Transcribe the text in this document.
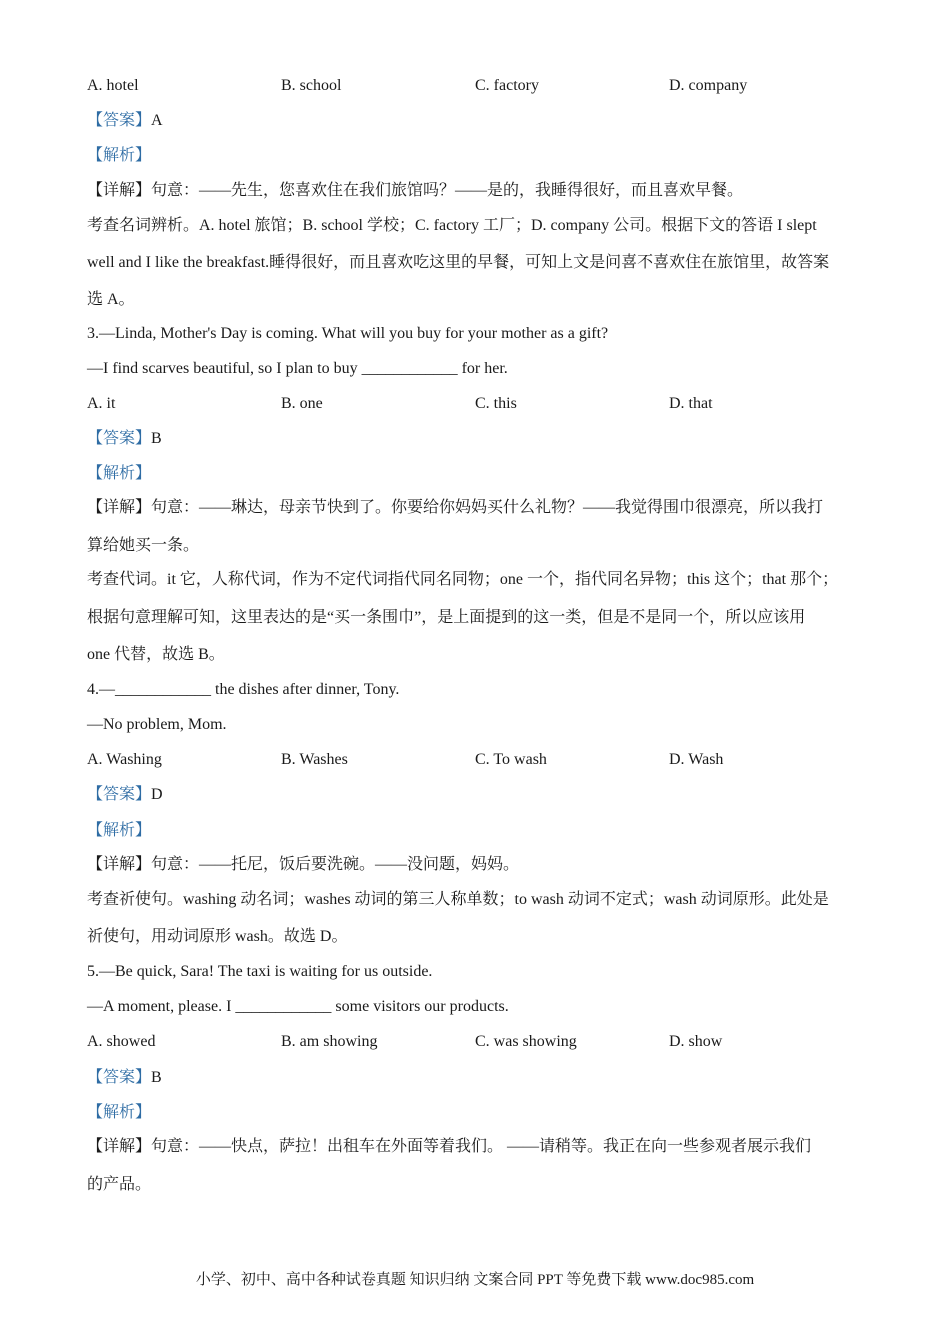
A. hotel	B. school	C. factory	D. company
【答案】A
【解析】
【详解】句意：——先生，您喜欢住在我们旅馆吗？——是的，我睡得很好，而且喜欢早餐。
考查名词辨析。A. hotel 旅馆；B. school 学校；C. factory 工厂；D. company 公司。根据下文的答语 I slept
well and I like the breakfast.睡得很好，而且喜欢吃这里的早餐，可知上文是问喜不喜欢住在旅馆里，故答案
选 A。
3.—Linda, Mother's Day is coming. What will you buy for your mother as a gift?
—I find scarves beautiful, so I plan to buy ____________ for her.
A. it	B. one	C. this	D. that
【答案】B
【解析】
【详解】句意：——琳达，母亲节快到了。你要给你妈妈买什么礼物？——我觉得围巾很漂亮，所以我打
算给她买一条。
考查代词。it 它，人称代词，作为不定代词指代同名同物；one 一个，指代同名异物；this 这个；that 那个；
根据句意理解可知，这里表达的是“买一条围巾”，是上面提到的这一类，但是不是同一个，所以应该用
one 代替，故选 B。
4.—____________ the dishes after dinner, Tony.
—No problem, Mom.
A. Washing	B. Washes	C. To wash	D. Wash
【答案】D
【解析】
【详解】句意：——托尼，饭后要洗碗。——没问题，妈妈。
考查祈使句。washing 动名词；washes 动词的第三人称单数；to wash 动词不定式；wash 动词原形。此处是
祈使句，用动词原形 wash。故选 D。
5.—Be quick, Sara! The taxi is waiting for us outside.
—A moment, please. I ____________ some visitors our products.
A. showed	B. am showing	C. was showing	D. show
【答案】B
【解析】
【详解】句意：——快点，萨拉！出租车在外面等着我们。 ——请稍等。我正在向一些参观者展示我们
的产品。
小学、初中、高中各种试卷真题 知识归纳 文案合同 PPT 等免费下载 www.doc985.com
